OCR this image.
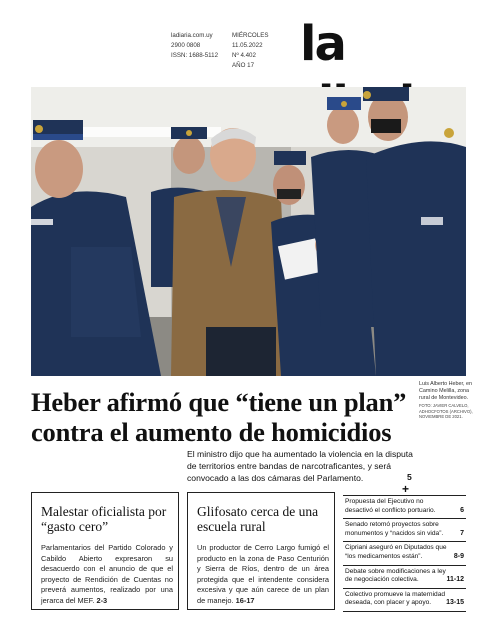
ladiaria.com.uy
2900 0808
ISSN: 1688-5112
MIÉRCOLES
11.05.2022
Nº 4.402
AÑO 17 la
Luis Alberto Heber, en Camino Melilla, zona rural de Montevideo.
FOTO: JAVIER CALVELO, ADHOCFOTOS (ARCHIVO), NOVIEMBRE DE 2021.
Heber afirmó que “tiene un plan” contra el aumento de homicidios
El ministro dijo que ha aumentado la violencia en la disputa de territorios entre bandas de narcotraficantes, y será convocado a las dos cámaras del Parlamento.	5
+
Malestar oficialista por “gasto cero”

Parlamentarios del Partido Colorado y Cabildo Abierto expresaron su desacuerdo con el anuncio de que el proyecto de Rendición de Cuentas no preverá aumentos, realizado por una jerarca del MEF. 2-3

Glifosato cerca de una escuela rural

Un productor de Cerro Largo fumigó el producto en la zona de Paso Centurión y Sierra de Ríos, dentro de un área protegida que el intendente considera excesiva y que aún carece de un plan de manejo. 16-17

Propuesta del Ejecutivo no desactivó el conflicto portuario.	6
Senado retomó proyectos sobre monumentos y “nacidos sin vida”. 7
Cipriani aseguró en Diputados que “los medicamentos están”.	8-9
Debate sobre modificaciones a ley de negociación colectiva.	11-12
Colectivo promueve la maternidad deseada, con placer y apoyo. 13-15
